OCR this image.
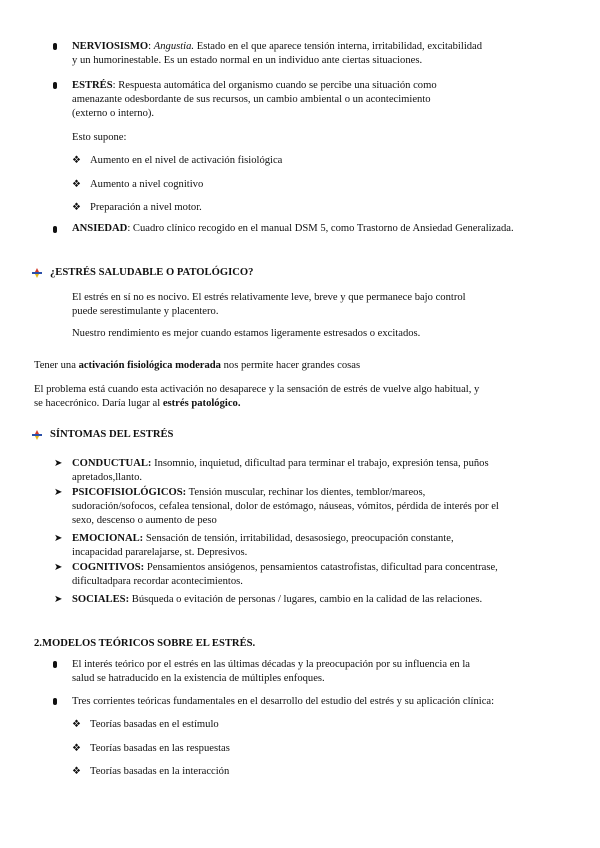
NERVIOSISMO: Angustia. Estado en el que aparece tensión interna, irritabilidad, excitabilidad
y un humorinestable. Es un estado normal en un individuo ante ciertas situaciones.

ESTRÉS: Respuesta automática del organismo cuando se percibe una situación como
amenazante odesbordante de sus recursos, un cambio ambiental o un acontecimiento
(externo o interno).

Esto supone:

❖ Aumento en el nivel de activación fisiológica

❖ Aumento a nivel cognitivo

❖ Preparación a nivel motor.

ANSIEDAD: Cuadro clínico recogido en el manual DSM 5, como Trastorno de Ansiedad Generalizada.

¿ESTRÉS SALUDABLE O PATOLÓGICO?

El estrés en sí no es nocivo. El estrés relativamente leve, breve y que permanece bajo control
puede serestimulante y placentero.

Nuestro rendimiento es mejor cuando estamos ligeramente estresados o excitados.

Tener una activación fisiológica moderada nos permite hacer grandes cosas

El problema está cuando esta activación no desaparece y la sensación de estrés de vuelve algo habitual, y
se hacecrónico. Daría lugar al estrés patológico.

SÍNTOMAS DEL ESTRÉS

➤ CONDUCTUAL: Insomnio, inquietud, dificultad para terminar el trabajo, expresión tensa, puños
apretados,llanto.

➤ PSICOFISIOLÓGICOS: Tensión muscular, rechinar los dientes, temblor/mareos,
sudoración/sofocos, cefalea tensional, dolor de estómago, náuseas, vómitos, pérdida de interés por el
sexo, descenso o aumento de peso

➤ EMOCIONAL: Sensación de tensión, irritabilidad, desasosiego, preocupación constante,
incapacidad pararelajarse, st. Depresivos.

➤ COGNITIVOS: Pensamientos ansiógenos, pensamientos catastrofistas, dificultad para concentrase,
dificultadpara recordar acontecimientos.

➤ SOCIALES: Búsqueda o evitación de personas / lugares, cambio en la calidad de las relaciones.

2.MODELOS TEÓRICOS SOBRE EL ESTRÉS.

El interés teórico por el estrés en las últimas décadas y la preocupación por su influencia en la
salud se hatraducido en la existencia de múltiples enfoques.

Tres corrientes teóricas fundamentales en el desarrollo del estudio del estrés y su aplicación clínica:

❖ Teorías basadas en el estímulo

❖ Teorías basadas en las respuestas

❖ Teorías basadas en la interacción
